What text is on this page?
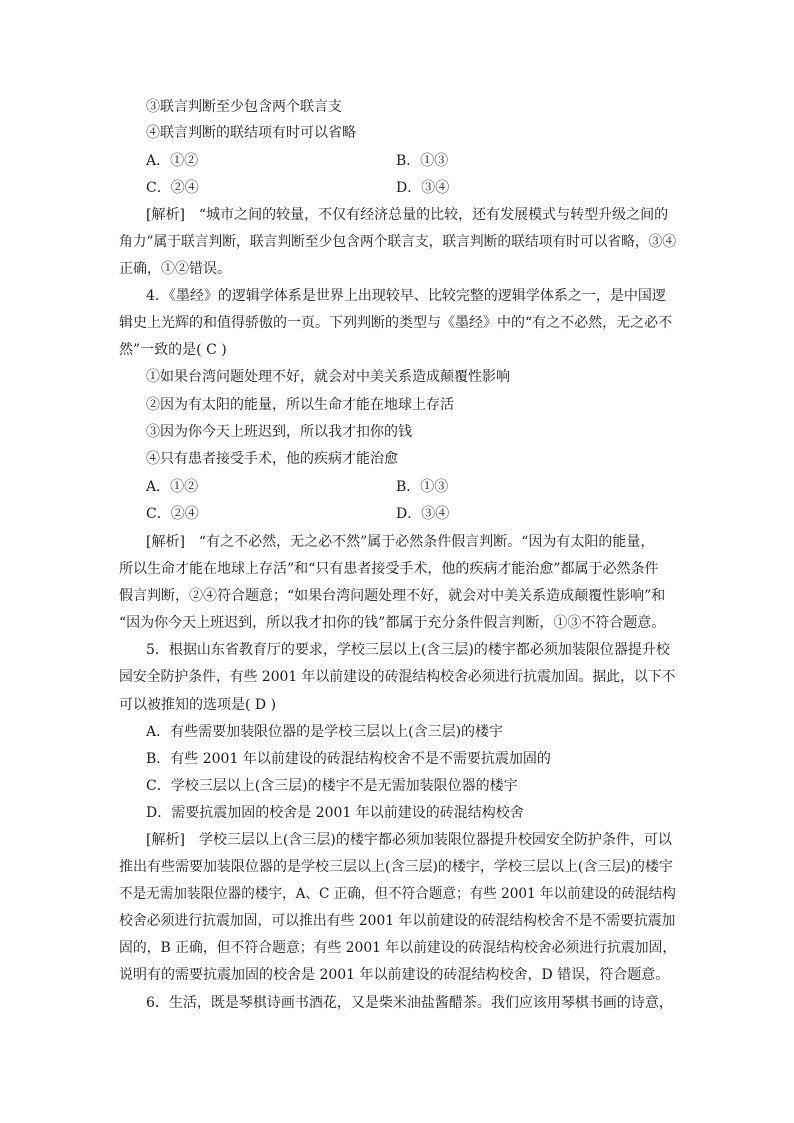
③联言判断至少包含两个联言支
④联言判断的联结项有时可以省略
A．①②	B．①③
C．②④	D．③④
[解析]　“城市之间的较量，不仅有经济总量的比较，还有发展模式与转型升级之间的
角力”属于联言判断，联言判断至少包含两个联言支，联言判断的联结项有时可以省略，③④
正确，①②错误。
4．《墨经》的逻辑学体系是世界上出现较早、比较完整的逻辑学体系之一，是中国逻
辑史上光辉的和值得骄傲的一页。下列判断的类型与《墨经》中的“有之不必然，无之必不
然”一致的是( C )
①如果台湾问题处理不好，就会对中美关系造成颠覆性影响
②因为有太阳的能量，所以生命才能在地球上存活
③因为你今天上班迟到，所以我才扣你的钱
④只有患者接受手术，他的疾病才能治愈
A．①②	B．①③
C．②④	D．③④
[解析]　“有之不必然，无之必不然”属于必然条件假言判断。“因为有太阳的能量，
所以生命才能在地球上存活”和“只有患者接受手术，他的疾病才能治愈”都属于必然条件
假言判断，②④符合题意；“如果台湾问题处理不好，就会对中美关系造成颠覆性影响”和
“因为你今天上班迟到，所以我才扣你的钱”都属于充分条件假言判断，①③不符合题意。
5．根据山东省教育厅的要求，学校三层以上(含三层)的楼宇都必须加装限位器提升校
园安全防护条件，有些 2001 年以前建设的砖混结构校舍必须进行抗震加固。据此，以下不
可以被推知的选项是( D )
A．有些需要加装限位器的是学校三层以上(含三层)的楼宇
B．有些 2001 年以前建设的砖混结构校舍不是不需要抗震加固的
C．学校三层以上(含三层)的楼宇不是无需加装限位器的楼宇
D．需要抗震加固的校舍是 2001 年以前建设的砖混结构校舍
[解析]　学校三层以上(含三层)的楼宇都必须加装限位器提升校园安全防护条件，可以
推出有些需要加装限位器的是学校三层以上(含三层)的楼宇，学校三层以上(含三层)的楼宇
不是无需加装限位器的楼宇，A、C 正确，但不符合题意；有些 2001 年以前建设的砖混结构
校舍必须进行抗震加固，可以推出有些 2001 年以前建设的砖混结构校舍不是不需要抗震加
固的，B 正确，但不符合题意；有些 2001 年以前建设的砖混结构校舍必须进行抗震加固，
说明有的需要抗震加固的校舍是 2001 年以前建设的砖混结构校舍，D 错误，符合题意。
6．生活，既是琴棋诗画书酒花，又是柴米油盐酱醋茶。我们应该用琴棋书画的诗意，
